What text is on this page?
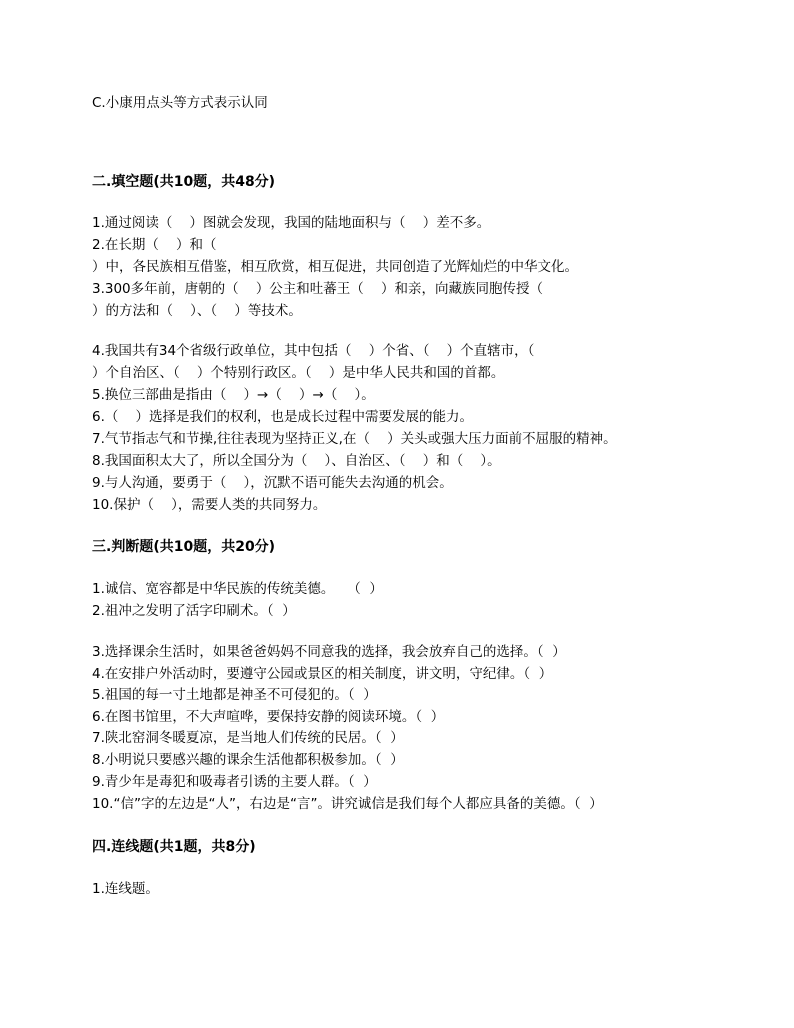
C.小康用点头等方式表示认同
二.填空题(共10题，共48分)
1.通过阅读（    ）图就会发现，我国的陆地面积与（    ）差不多。
2.在长期（    ）和（
）中，各民族相互借鉴，相互欣赏，相互促进，共同创造了光辉灿烂的中华文化。
3.300多年前，唐朝的（    ）公主和吐蕃王（    ）和亲，向藏族同胞传授（
）的方法和（    ）、（    ）等技术。
4.我国共有34个省级行政单位，其中包括（    ）个省、（    ）个直辖市，（
）个自治区、（    ）个特别行政区。（    ）是中华人民共和国的首都。
5.换位三部曲是指由（    ）→（    ）→（    ）。
6.（    ）选择是我们的权利，也是成长过程中需要发展的能力。
7.气节指志气和节操,往往表现为坚持正义,在（    ）关头或强大压力面前不屈服的精神。
8.我国面积太大了，所以全国分为（    ）、自治区、（    ）和（    ）。
9.与人沟通，要勇于（    ），沉默不语可能失去沟通的机会。
10.保护（    ），需要人类的共同努力。
三.判断题(共10题，共20分)
1.诚信、宽容都是中华民族的传统美德。   （  ）
2.祖冲之发明了活字印刷术。（  ）
3.选择课余生活时，如果爸爸妈妈不同意我的选择，我会放弃自己的选择。（  ）
4.在安排户外活动时，要遵守公园或景区的相关制度，讲文明，守纪律。（  ）
5.祖国的每一寸土地都是神圣不可侵犯的。（  ）
6.在图书馆里，不大声喧哗，要保持安静的阅读环境。（  ）
7.陕北窑洞冬暖夏凉，是当地人们传统的民居。（  ）
8.小明说只要感兴趣的课余生活他都积极参加。（  ）
9.青少年是毒犯和吸毒者引诱的主要人群。（  ）
10.“信”字的左边是“人”，右边是“言”。讲究诚信是我们每个人都应具备的美德。（  ）
四.连线题(共1题，共8分)
1.连线题。
